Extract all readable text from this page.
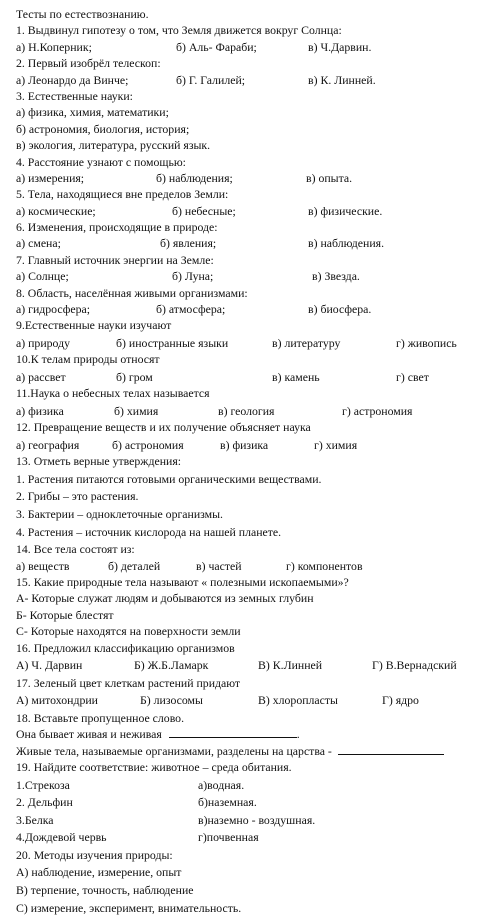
Тесты по естествознанию.
1. Выдвинул гипотезу о том, что Земля движется вокруг Солнца:
а) Н.Коперник;	б) Аль- Фараби;	в) Ч.Дарвин.
2. Первый изобрёл телескоп:
а) Леонардо да Винче;	б) Г. Галилей;	в) К. Линней.
3. Естественные науки:
а) физика, химия, математики;
б) астрономия, биология, история;
в) экология, литература, русский язык.
4. Расстояние узнают с помощью:
а) измерения;	б) наблюдения;	в) опыта.
5. Тела, находящиеся вне пределов Земли:
а) космические;	б) небесные;	в) физические.
6. Изменения, происходящие в природе:
а) смена;	б) явления;	в) наблюдения.
7. Главный источник энергии на Земле:
а) Солнце;	б) Луна;	в) Звезда.
8. Область, населённая живыми организмами:
а) гидросфера;	б) атмосфера;	в) биосфера.
9.Естественные науки изучают
а) природу	б) иностранные языки	в) литературу	г) живопись
10.К телам природы относят
а) рассвет	б) гром	в) камень	г) свет
11.Наука о небесных телах называется
а) физика	б) химия	в) геология	г) астрономия
12. Превращение веществ и их получение объясняет наука
а) география	б) астрономия	в) физика	г) химия
13. Отметь верные утверждения:
1. Растения питаются готовыми органическими веществами.
2. Грибы – это растения.
3. Бактерии – одноклеточные организмы.
4. Растения – источник кислорода на нашей планете.
14. Все тела состоят из:
а) веществ	б) деталей	в) частей	г) компонентов
15. Какие природные тела называют « полезными ископаемыми»?
А- Которые служат людям и добываются из земных глубин
Б- Которые блестят
С- Которые находятся на поверхности земли
16. Предложил классификацию организмов
А) Ч. Дарвин	Б) Ж.Б.Ламарк	В) К.Линней	Г) В.Вернадский
17. Зеленый цвет клеткам растений придают
А) митохондрии	Б) лизосомы	В) хлоропласты	Г) ядро
18. Вставьте пропущенное слово.
Она бывает живая и неживая	.
Живые тела, называемые организмами, разделены на царства -
19. Найдите соответствие: животное – среда обитания.
1.Стрекоза	а)водная.
2. Дельфин	б)наземная.
3.Белка	в)наземно - воздушная.
4.Дождевой червь	г)почвенная
20. Методы изучения природы:
А) наблюдение, измерение, опыт
В) терпение, точность, наблюдение
С) измерение, эксперимент, внимательность.
